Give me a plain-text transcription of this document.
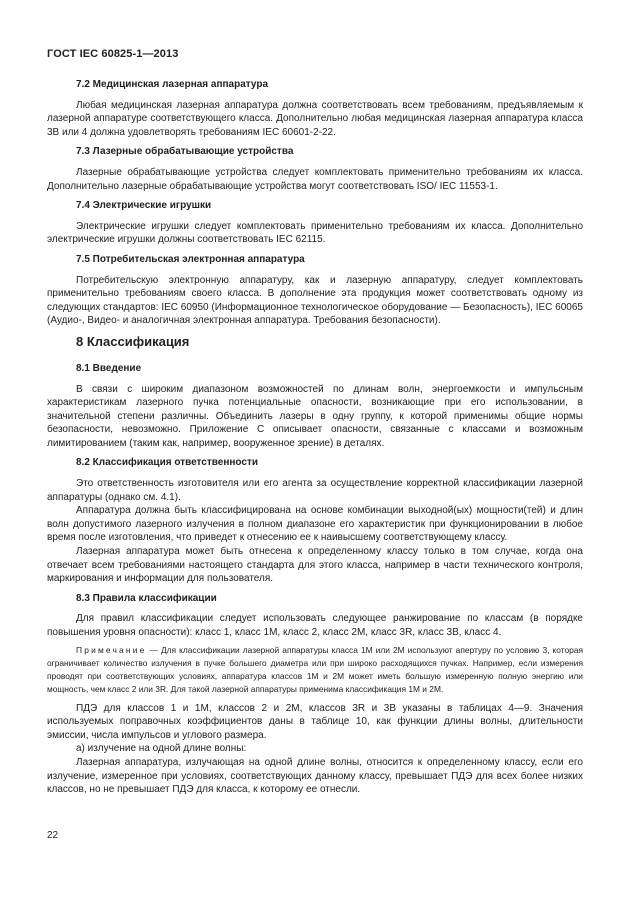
ГОСТ IEC 60825-1—2013
7.2 Медицинская лазерная аппаратура

Любая медицинская лазерная аппаратура должна соответствовать всем требованиям, предъявляемым к лазерной аппаратуре соответствующего класса. Дополнительно любая медицинская лазерная аппаратура класса 3В или 4 должна удовлетворять требованиям IEC 60601-2-22.

7.3 Лазерные обрабатывающие устройства

Лазерные обрабатывающие устройства следует комплектовать применительно требованиям их класса. Дополнительно лазерные обрабатывающие устройства могут соответствовать ISO/ IEC 11553-1.

7.4 Электрические игрушки

Электрические игрушки следует комплектовать применительно требованиям их класса. Дополнительно электрические игрушки должны соответствовать IEC 62115.

7.5 Потребительская электронная аппаратура

Потребительскую электронную аппаратуру, как и лазерную аппаратуру, следует комплектовать применительно требованиям своего класса. В дополнение эта продукция может соответствовать одному из следующих стандартов: IEC 60950 (Информационное технологическое оборудование — Безопасность), IEC 60065 (Аудио-, Видео- и аналогичная электронная аппаратура. Требования безопасности).

8 Классификация
8.1 Введение

В связи с широким диапазоном возможностей по длинам волн, энергоемкости и импульсным характеристикам лазерного пучка потенциальные опасности, возникающие при его использовании, в значительной степени различны. Объединить лазеры в одну группу, к которой применимы общие нормы безопасности, невозможно. Приложение С описывает опасности, связанные с классами и возможным лимитированием (таким как, например, вооруженное зрение) в деталях.

8.2 Классификация ответственности

Это ответственность изготовителя или его агента за осуществление корректной классификации лазерной аппаратуры (однако см. 4.1).

Аппаратура должна быть классифицирована на основе комбинации выходной(ых) мощности(тей) и длин волн допустимого лазерного излучения в полном диапазоне его характеристик при функционировании в любое время после изготовления, что приведет к отнесению ее к наивысшему соответствующему классу.

Лазерная аппаратура может быть отнесена к определенному классу только в том случае, когда она отвечает всем требованиями настоящего стандарта для этого класса, например в части технического контроля, маркирования и информации для пользователя.

8.3 Правила классификации

Для правил классификации следует использовать следующее ранжирование по классам (в порядке повышения уровня опасности): класс 1, класс 1М, класс 2, класс 2М, класс 3R, класс 3В, класс 4.

Примечание — Для классификации лазерной аппаратуры класса 1М или 2М используют апертуру по условию 3, которая ограничивает количество излучения в пучке большего диаметра или при широко расходящихся пучках. Например, если измерения проводят при соответствующих условиях, аппаратура классов 1М и 2М может иметь большую измеренную полную энергию или мощность, чем класс 2 или 3R. Для такой лазерной аппаратуры применима классификация 1М и 2М.

ПДЭ для классов 1 и 1М, классов 2 и 2М, классов 3R и 3В указаны в таблицах 4—9. Значения используемых поправочных коэффициентов даны в таблице 10, как функции длины волны, длительности эмиссии, числа импульсов и углового размера.

а) излучение на одной длине волны:

Лазерная аппаратура, излучающая на одной длине волны, относится к определенному классу, если его излучение, измеренное при условиях, соответствующих данному классу, превышает ПДЭ для всех более низких классов, но не превышает ПДЭ для класса, к которому ее отнесли.

22
